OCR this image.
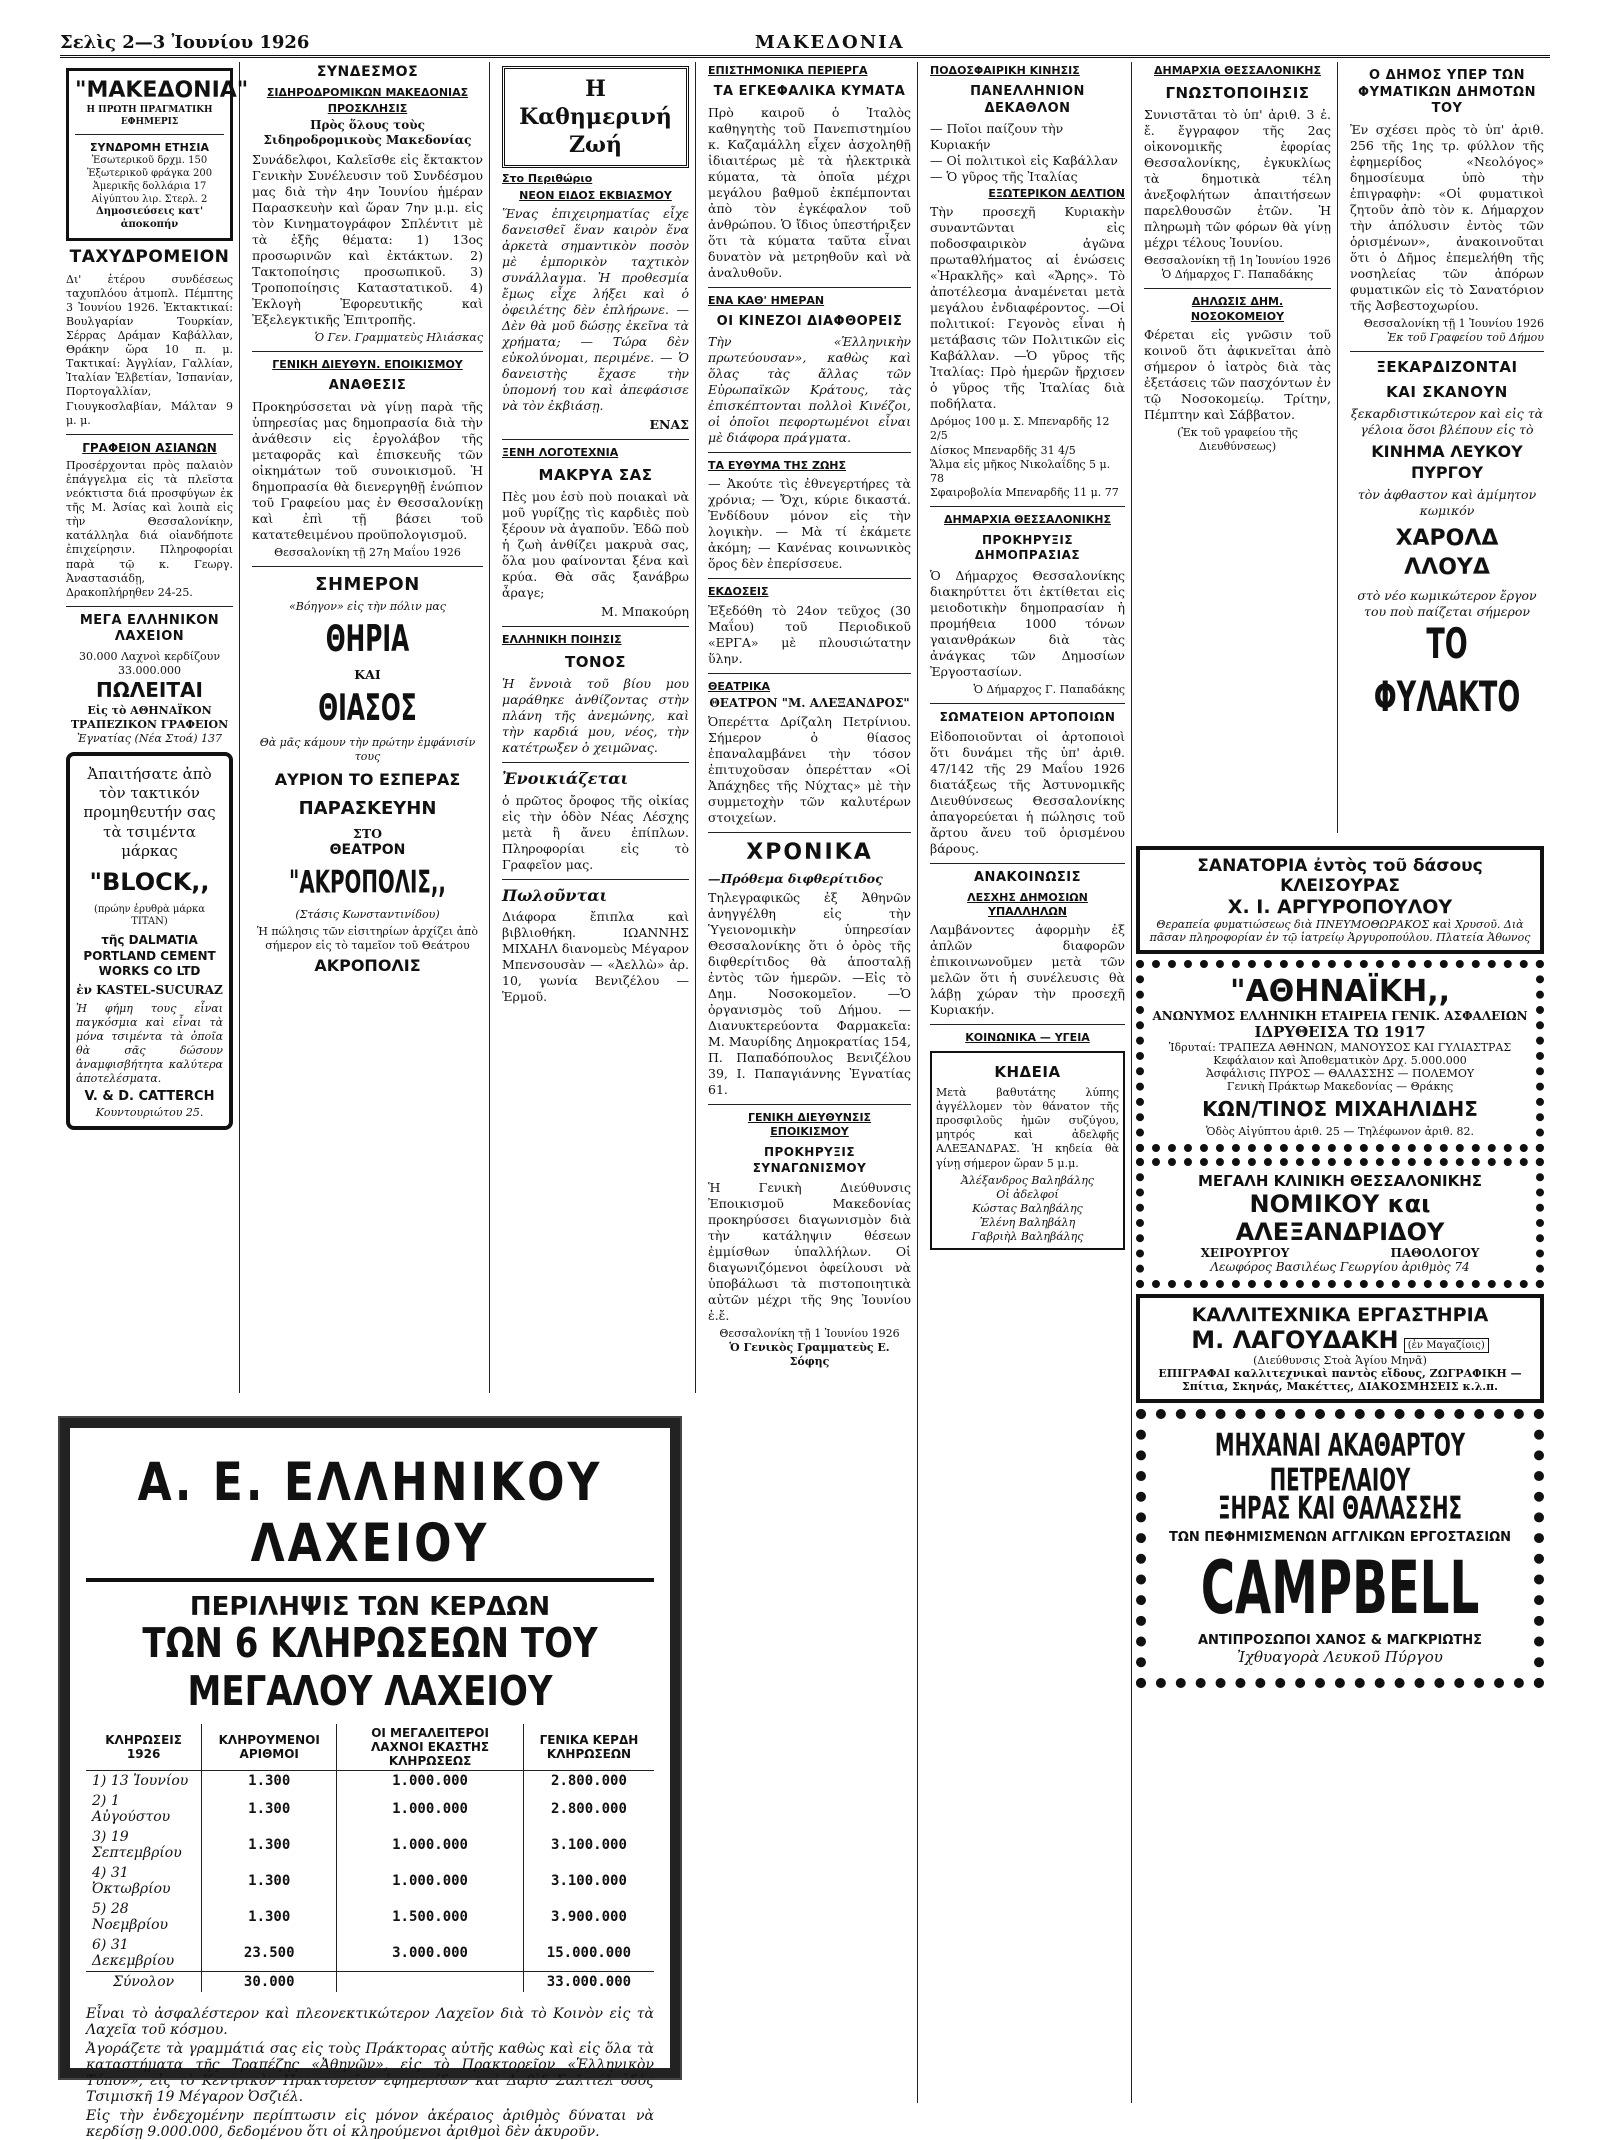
Σελὶς 2—3 Ἰουνίου 1926	ΜΑΚΕΔΟΝΙΑ
"ΜΑΚΕΔΟΝΙΑ"
Η ΠΡΩΤΗ ΠΡΑΓΜΑΤΙΚΗ ΕΦΗΜΕΡΙΣ
ΣΥΝΔΡΟΜΗ ΕΤΗΣΙΑ
Ἐσωτερικοῦ δρχμ. 150
Ἐξωτερικοῦ φράγκα 200
Ἀμερικῆς δολλάρια 17
Αἰγύπτου λιρ. Στερλ. 2
Δημοσιεύσεις κατ' ἀποκοπήν
ΤΑΧΥΔΡΟΜΕΙΟΝ

Δι' ἑτέρου συνδέσεως ταχυπλόου ἀτμοπλ. Πέμπτης 3 Ἰουνίου 1926. Ἐκτακτικαί: Βουλγαρίαν Τουρκίαν, Σέρρας Δράμαν Καβάλλαν, Θράκην ὥρα 10 π. μ. Τακτικαί: Ἀγγλίαν, Γαλλίαν, Ἰταλίαν Ἑλβετίαν, Ἰσπανίαν, Πορτογαλλίαν, Γιουγκοσλαβίαν, Μάλταν 9 μ. μ.

ΓΡΑΦΕΙΟΝ ΑΣΙΑΝΩΝ

Προσέρχονται πρὸς παλαιὸν ἐπάγγελμα εἰς τὰ πλεῖστα νεόκτιστα διά προσφύγων ἐκ τῆς Μ. Ἀσίας καὶ λοιπὰ εἰς τὴν Θεσσαλονίκην, κατάλληλα διά οἱανδήποτε ἐπιχείρησιν. Πληροφορίαι παρὰ τῷ κ. Γεωργ. Ἀναστασιάδῃ, Δρακοπλήρηθεν 24-25.

ΜΕΓΑ ΕΛΛΗΝΙΚΟΝ ΛΑΧΕΙΟΝ
30.000 Λαχνοὶ κερδίζουν 33.000.000
ΠΩΛΕΙΤΑΙ
Εἰς τὸ ΑΘΗΝΑΪΚΟΝ ΤΡΑΠΕΖΙΚΟΝ ΓΡΑΦΕΙΟΝ
Ἐγνατίας (Νέα Στοά) 137

Ἀπαιτήσατε ἀπὸ τὸν τακτικόν προμηθευτήν σας τὰ τσιμέντα μάρκας

"BLOCK,,
(πρώην ἐρυθρὰ μάρκα TITAN)
τῆς DALMATIA PORTLAND CEMENT WORKS CO LTD
ἐν KASTEL-SUCURAZ

Ἡ φήμη τους εἶναι παγκόσμια καὶ εἶναι τὰ μόνα τσιμέντα τὰ ὁποῖα θὰ σᾶς δώσουν ἀναμφισβήτητα καλύτερα ἀποτελέσματα.

V. & D. CATTERCH
Κουντουριώτου 25.
ΣΥΝΔΕΣΜΟΣ
ΣΙΔΗΡΟΔΡΟΜΙΚΩΝ ΜΑΚΕΔΟΝΙΑΣ
ΠΡΟΣΚΛΗΣΙΣ
Πρὸς ὅλους τοὺς Σιδηροδρομικοὺς Μακεδονίας

Συνάδελφοι, Καλεῖσθε εἰς ἔκτακτον Γενικὴν Συνέλευσιν τοῦ Συνδέσμου μας διὰ τὴν 4ην Ἰουνίου ἡμέραν Παρασκευὴν καὶ ὥραν 7ην μ.μ. εἰς τὸν Κινηματογράφον Σπλέντιτ μὲ τὰ ἑξῆς θέματα: 1) 13ος προσωρινῶν καὶ ἐκτάκτων. 2) Τακτοποίησις προσωπικοῦ. 3) Τροποποίησις Καταστατικοῦ. 4) Ἐκλογὴ Ἐφορευτικῆς καὶ Ἐξελεγκτικῆς Ἐπιτροπῆς.

Ὁ Γεν. Γραμματεὺς Ηλιάσκας
ΓΕΝΙΚΗ ΔΙΕΥΘΥΝ. ΕΠΟΙΚΙΣΜΟΥ
ΑΝΑΘΕΣΙΣ

Προκηρύσσεται νὰ γίνῃ παρὰ τῆς ὑπηρεσίας μας δημοπρασία διὰ τὴν ἀνάθεσιν εἰς ἐργολάβον τῆς μεταφορᾶς καὶ ἐπισκευῆς τῶν οἰκημάτων τοῦ συνοικισμοῦ. Ἡ δημοπρασία θὰ διενεργηθῇ ἐνώπιον τοῦ Γραφείου μας ἐν Θεσσαλονίκῃ καὶ ἐπὶ τῇ βάσει τοῦ κατατεθειμένου προϋπολογισμοῦ.

Θεσσαλονίκη τῇ 27η Μαΐου 1926
ΣΗΜΕΡΟΝ
«Βόηγον» εἰς τὴν πόλιν μας
ΘΗΡΙΑ
ΚΑΙ
ΘΙΑΣΟΣ
Θὰ μᾶς κάμουν τὴν πρώτην ἐμφάνισίν τους
ΑΥΡΙΟΝ ΤΟ ΕΣΠΕΡΑΣ
ΠΑΡΑΣΚΕΥΗΝ
ΣΤΟ
ΘΕΑΤΡΟΝ
"ΑΚΡΟΠΟΛΙΣ,,
(Στάσις Κωνσταντινίδου)

Ἡ πώλησις τῶν εἰσιτηρίων ἀρχίζει ἀπὸ σήμερον εἰς τὸ ταμεῖον τοῦ Θεάτρου

ΑΚΡΟΠΟΛΙΣ
Η Καθημερινή Ζωή
Στο Περιθώριο
ΝΕΟΝ ΕΙΔΟΣ ΕΚΒΙΑΣΜΟΥ

Ἕνας ἐπιχειρηματίας εἶχε δανεισθεῖ ἕναν καιρὸν ἕνα ἀρκετὰ σημαντικὸν ποσὸν μὲ ἐμπορικὸν ταχτικὸν συνάλλαγμα. Ἡ προθεσμία ἔμως εἶχε λήξει καὶ ὁ ὀφειλέτης δὲν ἐπλήρωνε. — Δὲν θὰ μοῦ δώσῃς ἐκεῖνα τὰ χρήματα; — Τώρα δὲν εὐκολύνομαι, περιμένε. — Ὁ δανειστὴς ἔχασε τὴν ὑπομονή του καὶ ἀπεφάσισε νὰ τὸν ἐκβιάσῃ.

ΕΝΑΣ
ΞΕΝΗ ΛΟΓΟΤΕΧΝΙΑ
ΜΑΚΡΥΑ ΣΑΣ

Πὲς μου ἐσὺ ποὺ ποιακαὶ νὰ μοῦ γυρίζῃς τὶς καρδιὲς ποὺ ξέρουν νὰ ἀγαποῦν. Ἐδῶ ποὺ ἡ ζωὴ ἀνθίζει μακρυὰ σας, ὅλα μου φαίνονται ξένα καὶ κρύα. Θὰ σᾶς ξανάβρω ἆραγε;

Μ. Μπακούρη
ΕΛΛΗΝΙΚΗ ΠΟΙΗΣΙΣ
ΤΟΝΟΣ

Ἡ ἔννοιὰ τοῦ βίου μου μαράθηκε ἀνθίζοντας στὴν πλάνη τῆς ἀνεμώνης, καὶ τὴν καρδιά μου, νέος, τὴν κατέτρωξεν ὁ χειμῶνας.

Ἐνοικιάζεται

ὁ πρῶτος ὄροφος τῆς οἰκίας εἰς τὴν ὁδὸν Νέας Λέσχης μετὰ ἢ ἄνευ ἐπίπλων. Πληροφορίαι εἰς τὸ Γραφεῖον μας.

Πωλοῦνται

Διάφορα ἔπιπλα καὶ βιβλιοθήκη. ΙΩΑΝΝΗΣ ΜΙΧΑΗΛ διανομεὺς Μέγαρον Μπενσουσὰν — «Ἀελλὼ» ἀρ. 10, γωνία Βενιζέλου — Ἑρμοῦ.

ΕΠΙΣΤΗΜΟΝΙΚΑ ΠΕΡΙΕΡΓΑ
ΤΑ ΕΓΚΕΦΑΛΙΚΑ ΚΥΜΑΤΑ

Πρὸ καιροῦ ὁ Ἰταλὸς καθηγητὴς τοῦ Πανεπιστημίου κ. Καζαμάλλη εἶχεν ἀσχοληθῇ ἰδιαιτέρως μὲ τὰ ἠλεκτρικὰ κύματα, τὰ ὁποῖα μέχρι μεγάλου βαθμοῦ ἐκπέμπονται ἀπὸ τὸν ἐγκέφαλον τοῦ ἀνθρώπου. Ὁ ἴδιος ὑπεστήριξεν ὅτι τὰ κύματα ταῦτα εἶναι δυνατὸν νὰ μετρηθοῦν καὶ νὰ ἀναλυθοῦν.

ΕΝΑ ΚΑΘ' ΗΜΕΡΑΝ
ΟΙ ΚΙΝΕΖΟΙ ΔΙΑΦΘΟΡΕΙΣ

Τὴν «Ἑλληνικὴν πρωτεύουσαν», καθὼς καὶ ὅλας τὰς ἄλλας τῶν Εὐρωπαϊκῶν Κράτους, τὰς ἐπισκέπτονται πολλοὶ Κινέζοι, οἱ ὁποῖοι πεφορτωμένοι εἶναι μὲ διάφορα πράγματα.

ΤΑ ΕΥΘΥΜΑ ΤΗΣ ΖΩΗΣ

— Ἀκούτε τὶς ἐθνεγερτήρες τὰ χρόνια; — Ὄχι, κύριε δικαστά. Ἐνδίδουν μόνον εἰς τὴν λογικὴν. — Μὰ τί ἐκάμετε ἀκόμη; — Κανένας κοινωνικὸς ὅρος δὲν ἐπερίσσευε.

ΕΚΔΟΣΕΙΣ

Ἐξεδόθη τὸ 24ον τεῦχος (30 Μαΐου) τοῦ Περιοδικοῦ «ΕΡΓΑ» μὲ πλουσιώτατην ὕλην.

ΘΕΑΤΡΙΚΑ
ΘΕΑΤΡΟΝ "Μ. ΑΛΕΞΑΝΔΡΟΣ"

Ὀπερέττα Δρίζαλη Πετρίνιου. Σήμερον ὁ θίασος ἐπαναλαμβάνει τὴν τόσον ἐπιτυχοῦσαν ὀπερέτταν «Οἱ Ἀπάχηδες τῆς Νύχτας» μὲ τὴν συμμετοχὴν τῶν καλυτέρων στοιχείων.

ΧΡΟΝΙΚΑ
—Πρόθεμα διφθερίτιδος

Τηλεγραφικῶς ἐξ Ἀθηνῶν ἀνηγγέλθη εἰς τὴν Ὑγειονομικὴν ὑπηρεσίαν Θεσσαλονίκης ὅτι ὁ ὀρὸς τῆς διφθερίτιδος θὰ ἀποσταλῇ ἐντὸς τῶν ἡμερῶν. —Εἰς τὸ Δημ. Νοσοκομεῖον. —Ὁ ὀργανισμὸς τοῦ Δήμου. —Διανυκτερεύοντα Φαρμακεῖα: Μ. Μαυρίδης Δημοκρατίας 154, Π. Παπαδόπουλος Βενιζέλου 39, Ι. Παπαγιάννης Ἐγνατίας 61.

ΓΕΝΙΚΗ ΔΙΕΥΘΥΝΣΙΣ ΕΠΟΙΚΙΣΜΟΥ
ΠΡΟΚΗΡΥΞΙΣ ΣΥΝΑΓΩΝΙΣΜΟΥ

Ἡ Γενικὴ Διεύθυνσις Ἐποικισμοῦ Μακεδονίας προκηρύσσει διαγωνισμὸν διὰ τὴν κατάληψιν θέσεων ἐμμίσθων ὑπαλλήλων. Οἱ διαγωνιζόμενοι ὀφείλουσι νὰ ὑποβάλωσι τὰ πιστοποιητικὰ αὐτῶν μέχρι τῆς 9ης Ἰουνίου ἐ.ἔ.

Θεσσαλονίκη τῇ 1 Ἰουνίου 1926
Ὁ Γενικὸς Γραμματεὺς Ε. Σόφης
ΠΟΔΟΣΦΑΙΡΙΚΗ ΚΙΝΗΣΙΣ
ΠΑΝΕΛΛΗΝΙΟΝ ΔΕΚΑΘΛΟΝ
— Ποῖοι παίζουν τὴν Κυριακήν
— Οἱ πολιτικοὶ εἰς Καβάλλαν
— Ὁ γῦρος τῆς Ἰταλίας
ΕΞΩΤΕΡΙΚΟΝ ΔΕΛΤΙΟΝ

Τὴν προσεχῆ Κυριακὴν συναντῶνται εἰς ποδοσφαιρικὸν ἀγῶνα πρωταθλήματος αἱ ἑνώσεις «Ἡρακλῆς» καὶ «Ἄρης». Τὸ ἀποτέλεσμα ἀναμένεται μετὰ μεγάλου ἐνδιαφέροντος. —Οἱ πολιτικοί: Γεγονὸς εἶναι ἡ μετάβασις τῶν Πολιτικῶν εἰς Καβάλλαν. —Ὁ γῦρος τῆς Ἰταλίας: Πρὸ ἡμερῶν ἤρχισεν ὁ γῦρος τῆς Ἰταλίας διὰ ποδήλατα.

Δρόμος 100 μ. Σ. Μπεναρδῆς 12 2/5
Δίσκος Μπεναρδῆς 31 4/5
Ἅλμα εἰς μῆκος Νικολαΐδης 5 μ. 78
Σφαιροβολία Μπεναρδῆς 11 μ. 77
ΔΗΜΑΡΧΙΑ ΘΕΣΣΑΛΟΝΙΚΗΣ
ΠΡΟΚΗΡΥΞΙΣ ΔΗΜΟΠΡΑΣΙΑΣ

Ὁ Δήμαρχος Θεσσαλονίκης διακηρύττει ὅτι ἐκτίθεται εἰς μειοδοτικὴν δημοπρασίαν ἡ προμήθεια 1000 τόνων γαιανθράκων διὰ τὰς ἀνάγκας τῶν Δημοσίων Ἐργοστασίων.

Ὁ Δήμαρχος Γ. Παπαδάκης
ΣΩΜΑΤΕΙΟΝ ΑΡΤΟΠΟΙΩΝ

Εἰδοποιοῦνται οἱ ἀρτοποιοὶ ὅτι δυνάμει τῆς ὑπ' ἀριθ. 47/142 τῆς 29 Μαΐου 1926 διατάξεως τῆς Ἀστυνομικῆς Διευθύνσεως Θεσσαλονίκης ἀπαγορεύεται ἡ πώλησις τοῦ ἄρτου ἄνευ τοῦ ὁρισμένου βάρους.

ΑΝΑΚΟΙΝΩΣΙΣ
ΛΕΣΧΗΣ ΔΗΜΟΣΙΩΝ ΥΠΑΛΛΗΛΩΝ

Λαμβάνοντες ἀφορμὴν ἐξ ἀπλῶν διαφορῶν ἐπικοινωνοῦμεν μετὰ τῶν μελῶν ὅτι ἡ συνέλευσις θὰ λάβῃ χώραν τὴν προσεχῆ Κυριακήν.

ΚΟΙΝΩΝΙΚΑ — ΥΓΕΙΑ
ΚΗΔΕΙΑ

Μετὰ βαθυτάτης λύπης ἀγγέλλομεν τὸν θάνατον τῆς προσφιλοῦς ἡμῶν συζύγου, μητρός καὶ ἀδελφῆς ΑΛΕΞΑΝΔΡΑΣ. Ἡ κηδεία θὰ γίνῃ σήμερον ὥραν 5 μ.μ.

Ἀλέξανδρος Βαληβάλης
Οἱ ἀδελφοί
Κώστας Βαληβάλης
Ἑλένη Βαληβάλη
Γαβριὴλ Βαληβάλης
ΔΗΜΑΡΧΙΑ ΘΕΣΣΑΛΟΝΙΚΗΣ
ΓΝΩΣΤΟΠΟΙΗΣΙΣ

Συνιστᾶται τὸ ὑπ' ἀριθ. 3 ἐ. ἔ. ἔγγραφον τῆς 2ας οἰκονομικῆς ἐφορίας Θεσσαλονίκης, ἐγκυκλίως τὰ δημοτικὰ τέλη ἀνεξοφλήτων ἀπαιτήσεων παρελθουσῶν ἐτῶν. Ἡ πληρωμὴ τῶν φόρων θὰ γίνῃ μέχρι τέλους Ἰουνίου.

Θεσσαλονίκη τῇ 1η Ἰουνίου 1926
Ὁ Δήμαρχος Γ. Παπαδάκης
ΔΗΛΩΣΙΣ ΔΗΜ. ΝΟΣΟΚΟΜΕΙΟΥ

Φέρεται εἰς γνῶσιν τοῦ κοινοῦ ὅτι ἀφικνεῖται ἀπὸ σήμερον ὁ ἰατρὸς διὰ τὰς ἐξετάσεις τῶν πασχόντων ἐν τῷ Νοσοκομείῳ. Τρίτην, Πέμπτην καὶ Σάββατον.

(Ἐκ τοῦ γραφείου τῆς Διευθύνσεως)
Ο ΔΗΜΟΣ ΥΠΕΡ ΤΩΝ ΦΥΜΑΤΙΚΩΝ ΔΗΜΟΤΩΝ ΤΟΥ

Ἐν σχέσει πρὸς τὸ ὑπ' ἀριθ. 256 τῆς 1ης τρ. φύλλον τῆς ἐφημερίδος «Νεολόγος» δημοσίευμα ὑπὸ τὴν ἐπιγραφὴν: «Οἱ φυματικοὶ ζητοῦν ἀπὸ τὸν κ. Δήμαρχον τὴν ἀπόλυσιν ἐντὸς τῶν ὁρισμένων», ἀνακοινοῦται ὅτι ὁ Δῆμος ἐπεμελήθη τῆς νοσηλείας τῶν ἀπόρων φυματικῶν εἰς τὸ Σανατόριον τῆς Ἀσβεστοχωρίου.

Θεσσαλονίκη τῇ 1 Ἰουνίου 1926
Ἐκ τοῦ Γραφείου τοῦ Δήμου
ΞΕΚΑΡΔΙΖΟΝΤΑΙ
ΚΑΙ ΣΚΑΝΟΥΝ
ξεκαρδιστικώτερον καὶ εἰς τὰ γέλοια ὅσοι βλέπουν εἰς τὸ
ΚΙΝΗΜΑ ΛΕΥΚΟΥ ΠΥΡΓΟΥ
τὸν ἀφθαστον καὶ ἀμίμητον κωμικόν
ΧΑΡΟΛΔ ΛΛΟΥΔ
στὸ νέο κωμικώτερον ἔργον του ποὺ παίζεται σήμερον
ΤΟ ΦΥΛΑΚΤΟ
ΣΑΝΑΤΟΡΙΑ ἐντὸς τοῦ δάσους ΚΛΕΙΣΟΥΡΑΣ
Χ. Ι. ΑΡΓΥΡΟΠΟΥΛΟΥ
Θεραπεία φυματιώσεως διὰ ΠΝΕΥΜΟΘΩΡΑΚΟΣ καὶ Χρυσοῦ. Διὰ πᾶσαν πληροφορίαν ἐν τῷ ἰατρείῳ Ἀργυροπούλου. Πλατεία Ἀθωνος
"ΑΘΗΝΑΪΚΗ,,
ΑΝΩΝΥΜΟΣ ΕΛΛΗΝΙΚΗ ΕΤΑΙΡΕΙΑ ΓΕΝΙΚ. ΑΣΦΑΛΕΙΩΝ
ΙΔΡΥΘΕΙΣΑ ΤΩ 1917
Ἱδρυταί: ΤΡΑΠΕΖΑ ΑΘΗΝΩΝ, ΜΑΝΟΥΣΟΣ ΚΑΙ ΓΥΛΙΑΣΤΡΑΣ
Κεφάλαιον καὶ Ἀποθεματικὸν Δρχ. 5.000.000
Ἀσφάλισις ΠΥΡΟΣ — ΘΑΛΑΣΣΗΣ — ΠΟΛΕΜΟΥ
Γενικὴ Πράκτωρ Μακεδονίας — Θράκης
ΚΩΝ/ΤΙΝΟΣ ΜΙΧΑΗΛΙΔΗΣ
Ὁδὸς Αἰγύπτου ἀριθ. 25 — Τηλέφωνον ἀριθ. 82.
ΜΕΓΑΛΗ ΚΛΙΝΙΚΗ ΘΕΣΣΑΛΟΝΙΚΗΣ
ΝΟΜΙΚΟΥ και ΑΛΕΞΑΝΔΡΙΔΟΥ
ΧΕΙΡΟΥΡΓΟΥ	ΠΑΘΟΛΟΓΟΥ
Λεωφόρος Βασιλέως Γεωργίου ἀριθμὸς 74
ΚΑΛΛΙΤΕΧΝΙΚΑ ΕΡΓΑΣΤΗΡΙΑ
Μ. ΛΑΓΟΥΔΑΚΗ (ἐν Μαγαζίοις)
(Διεύθυνσις Στοὰ Ἁγίου Μηνᾶ)
ΕΠΙΓΡΑΦΑΙ καλλιτεχνικαὶ παντὸς εἴδους, ΖΩΓΡΑΦΙΚΗ — Σπίτια, Σκηνάς, Μακέττες, ΔΙΑΚΟΣΜΗΣΕΙΣ κ.λ.π.
ΜΗΧΑΝΑΙ ΑΚΑΘΑΡΤΟΥ ΠΕΤΡΕΛΑΙΟΥ
ΞΗΡΑΣ ΚΑΙ ΘΑΛΑΣΣΗΣ
ΤΩΝ ΠΕΦΗΜΙΣΜΕΝΩΝ ΑΓΓΛΙΚΩΝ ΕΡΓΟΣΤΑΣΙΩΝ
CAMPBELL
ΑΝΤΙΠΡΟΣΩΠΟΙ ΧΑΝΟΣ & ΜΑΓΚΡΙΩΤΗΣ
Ἰχθυαγορὰ Λευκοῦ Πύργου
Α. Ε. ΕΛΛΗΝΙΚΟΥ ΛΑΧΕΙΟΥ
ΠΕΡΙΛΗΨΙΣ ΤΩΝ ΚΕΡΔΩΝ
ΤΩΝ 6 ΚΛΗΡΩΣΕΩΝ ΤΟΥ ΜΕΓΑΛΟΥ ΛΑΧΕΙΟΥ
ΚΛΗΡΩΣΕΙΣ 1926	ΚΛΗΡΟΥΜΕΝΟΙ ΑΡΙΘΜΟΙ	ΟΙ ΜΕΓΑΛΕΙΤΕΡΟΙ ΛΑΧΝΟΙ ΕΚΑΣΤΗΣ ΚΛΗΡΩΣΕΩΣ	ΓΕΝΙΚΑ ΚΕΡΔΗ ΚΛΗΡΩΣΕΩΝ
1) 13 Ἰουνίου	1.300	1.000.000	2.800.000
2) 1 Αὐγούστου	1.300	1.000.000	2.800.000
3) 19 Σεπτεμβρίου	1.300	1.000.000	3.100.000
4) 31 Ὀκτωβρίου	1.300	1.000.000	3.100.000
5) 28 Νοεμβρίου	1.300	1.500.000	3.900.000
6) 31 Δεκεμβρίου	23.500	3.000.000	15.000.000
Σύνολον	30.000		33.000.000

Εἶναι τὸ ἀσφαλέστερον καὶ πλεονεκτικώτερον Λαχεῖον διὰ τὸ Κοινὸν εἰς τὰ Λαχεῖα τοῦ κόσμου.

Ἀγοράζετε τὰ γραμμάτιά σας εἰς τοὺς Πράκτορας αὐτῆς καθὼς καὶ εἰς ὅλα τὰ καταστήματα τῆς Τραπέζης «Ἀθηνῶν», εἰς τὸ Πρακτορεῖον «Ἑλληνικὸν Τύπον», εἰς τὸ Κεντρικὸν Πρακτορεῖον ἐφημερίδων καὶ Δαβὶδ Σαλτιέλ ὁδὸς Τσιμισκῆ 19 Μέγαρον Ὀσζιέλ.

Εἰς τὴν ἐνδεχομένην περίπτωσιν εἰς μόνον ἀκέραιος ἀριθμὸς δύναται νὰ κερδίσῃ 9.000.000, δεδομένου ὅτι οἱ κληρούμενοι ἀριθμοὶ δὲν ἀκυροῦν.
